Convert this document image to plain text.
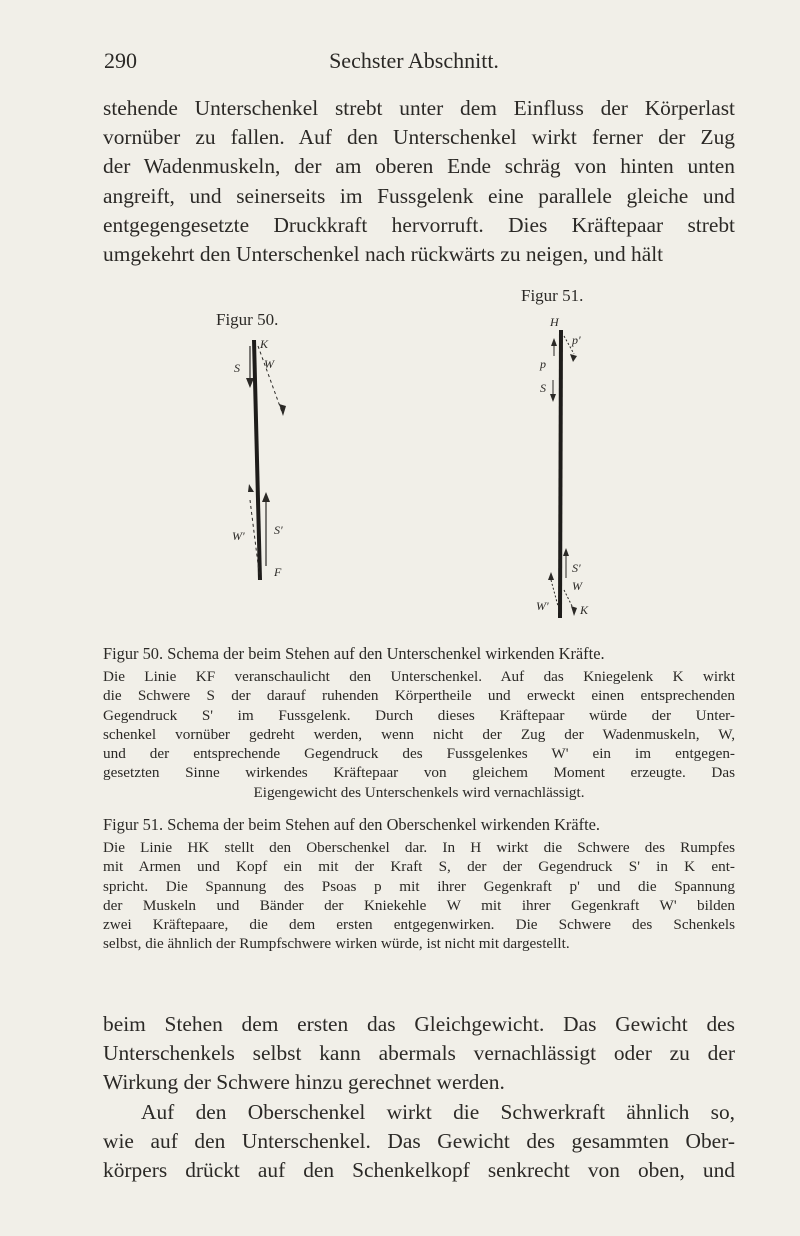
290	Sechster Abschnitt.
stehende Unterschenkel strebt unter dem Einfluss der Körperlast
vornüber zu fallen. Auf den Unterschenkel wirkt ferner der Zug
der Wadenmuskeln, der am oberen Ende schräg von hinten unten
angreift, und seinerseits im Fussgelenk eine parallele gleiche und
entgegengesetzte Druckkraft hervorruft. Dies Kräftepaar strebt
umgekehrt den Unterschenkel nach rückwärts zu neigen, und hält
Figur 50.
K
S W
W' S'
F
Figur 51.
H
p
p'
S
S'
W'
W
K
Figur 50. Schema der beim Stehen auf den Unterschenkel wirkenden Kräfte.
Die Linie KF veranschaulicht den Unterschenkel. Auf das Kniegelenk K wirkt
die Schwere S der darauf ruhenden Körpertheile und erweckt einen entsprechenden
Gegendruck S' im Fussgelenk. Durch dieses Kräftepaar würde der Unter-
schenkel vornüber gedreht werden, wenn nicht der Zug der Wadenmuskeln, W,
und der entsprechende Gegendruck des Fussgelenkes W' ein im entgegen-
gesetzten Sinne wirkendes Kräftepaar von gleichem Moment erzeugte. Das
Eigengewicht des Unterschenkels wird vernachlässigt.
Figur 51. Schema der beim Stehen auf den Oberschenkel wirkenden Kräfte.
Die Linie HK stellt den Oberschenkel dar. In H wirkt die Schwere des Rumpfes
mit Armen und Kopf ein mit der Kraft S, der der Gegendruck S' in K ent-
spricht. Die Spannung des Psoas p mit ihrer Gegenkraft p' und die Spannung
der Muskeln und Bänder der Kniekehle W mit ihrer Gegenkraft W' bilden
zwei Kräftepaare, die dem ersten entgegenwirken. Die Schwere des Schenkels
selbst, die ähnlich der Rumpfschwere wirken würde, ist nicht mit dargestellt.
beim Stehen dem ersten das Gleichgewicht. Das Gewicht des
Unterschenkels selbst kann abermals vernachlässigt oder zu der
Wirkung der Schwere hinzu gerechnet werden.
Auf den Oberschenkel wirkt die Schwerkraft ähnlich so,
wie auf den Unterschenkel. Das Gewicht des gesammten Ober-
körpers drückt auf den Schenkelkopf senkrecht von oben, und
